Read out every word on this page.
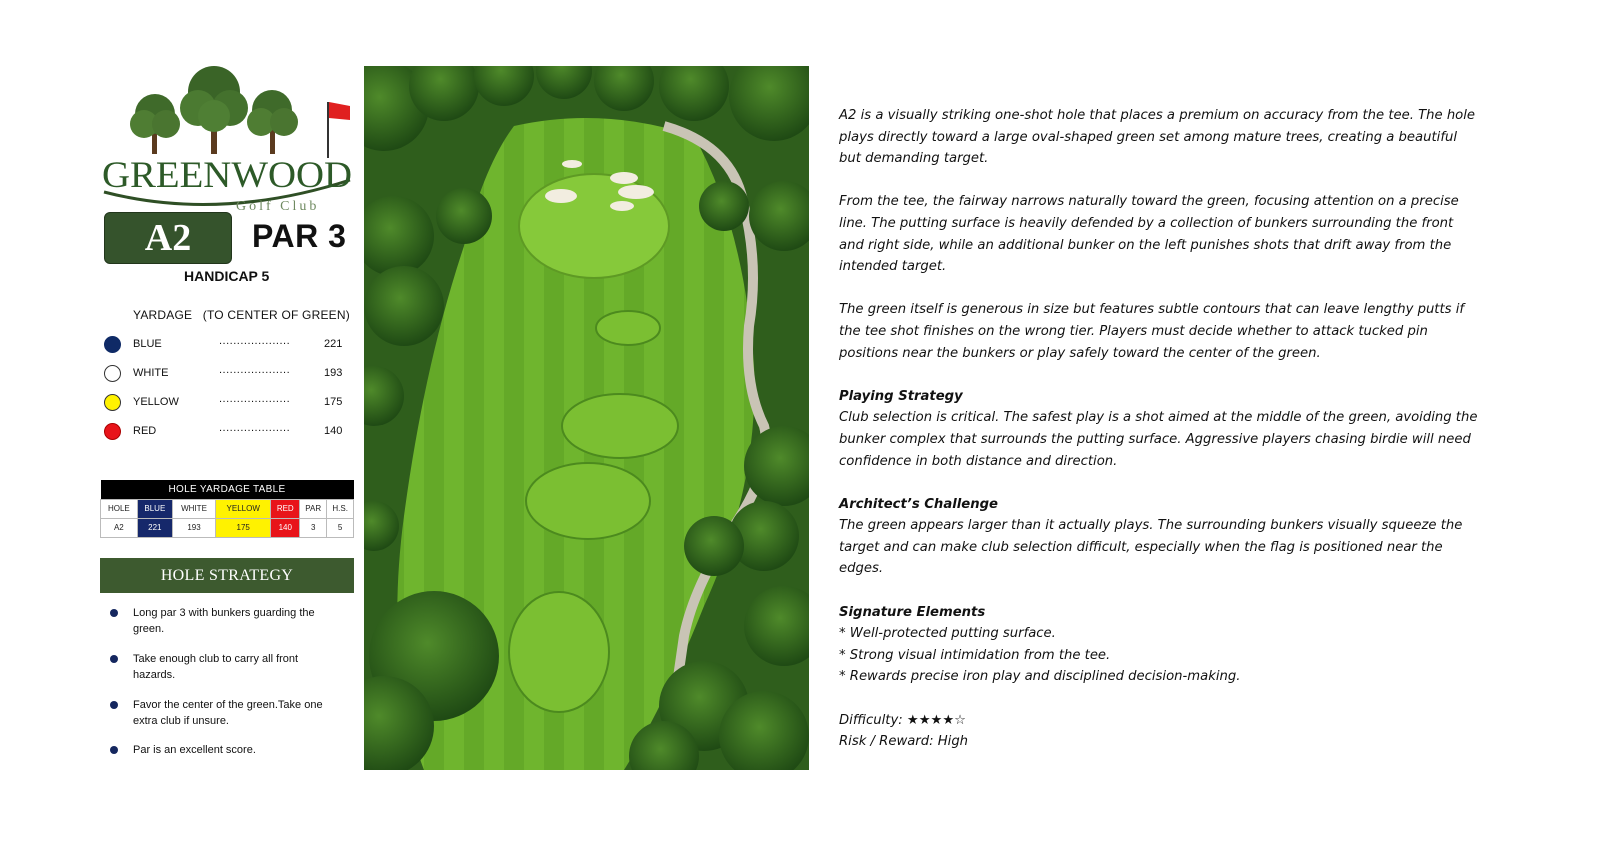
GREENWOOD
Golf Club
A2 PAR 3
HANDICAP 5
YARDAGE   (TO CENTER OF GREEN)
BLUE	....................	221
WHITE	....................	193
YELLOW	....................	175
RED	....................	140
HOLE YARDAGE TABLE						
HOLE	BLUE	WHITE	YELLOW	RED	PAR	H.S.
A2	221	193	175	140	3	5
HOLE STRATEGY
Long par 3 with bunkers guarding the
green.
Take enough club to carry all front
hazards.
Favor the center of the green.Take one
extra club if unsure.
Par is an excellent score.

A2 is a visually striking one-shot hole that places a premium on accuracy from the tee. The hole plays directly toward a large oval-shaped green set among mature trees, creating a beautiful but demanding target.

From the tee, the fairway narrows naturally toward the green, focusing attention on a precise line. The putting surface is heavily defended by a collection of bunkers surrounding the front and right side, while an additional bunker on the left punishes shots that drift away from the intended target.

The green itself is generous in size but features subtle contours that can leave lengthy putts if the tee shot finishes on the wrong tier. Players must decide whether to attack tucked pin positions near the bunkers or play safely toward the center of the green.

Playing Strategy

Club selection is critical. The safest play is a shot aimed at the middle of the green, avoiding the bunker complex that surrounds the putting surface. Aggressive players chasing birdie will need confidence in both distance and direction.

Architect’s Challenge

The green appears larger than it actually plays. The surrounding bunkers visually squeeze the target and can make club selection difficult, especially when the flag is positioned near the edges.

Signature Elements
* Well-protected putting surface.
* Strong visual intimidation from the tee.

* Rewards precise iron play and disciplined decision-making.

Difficulty: ★★★★☆
Risk / Reward: High
